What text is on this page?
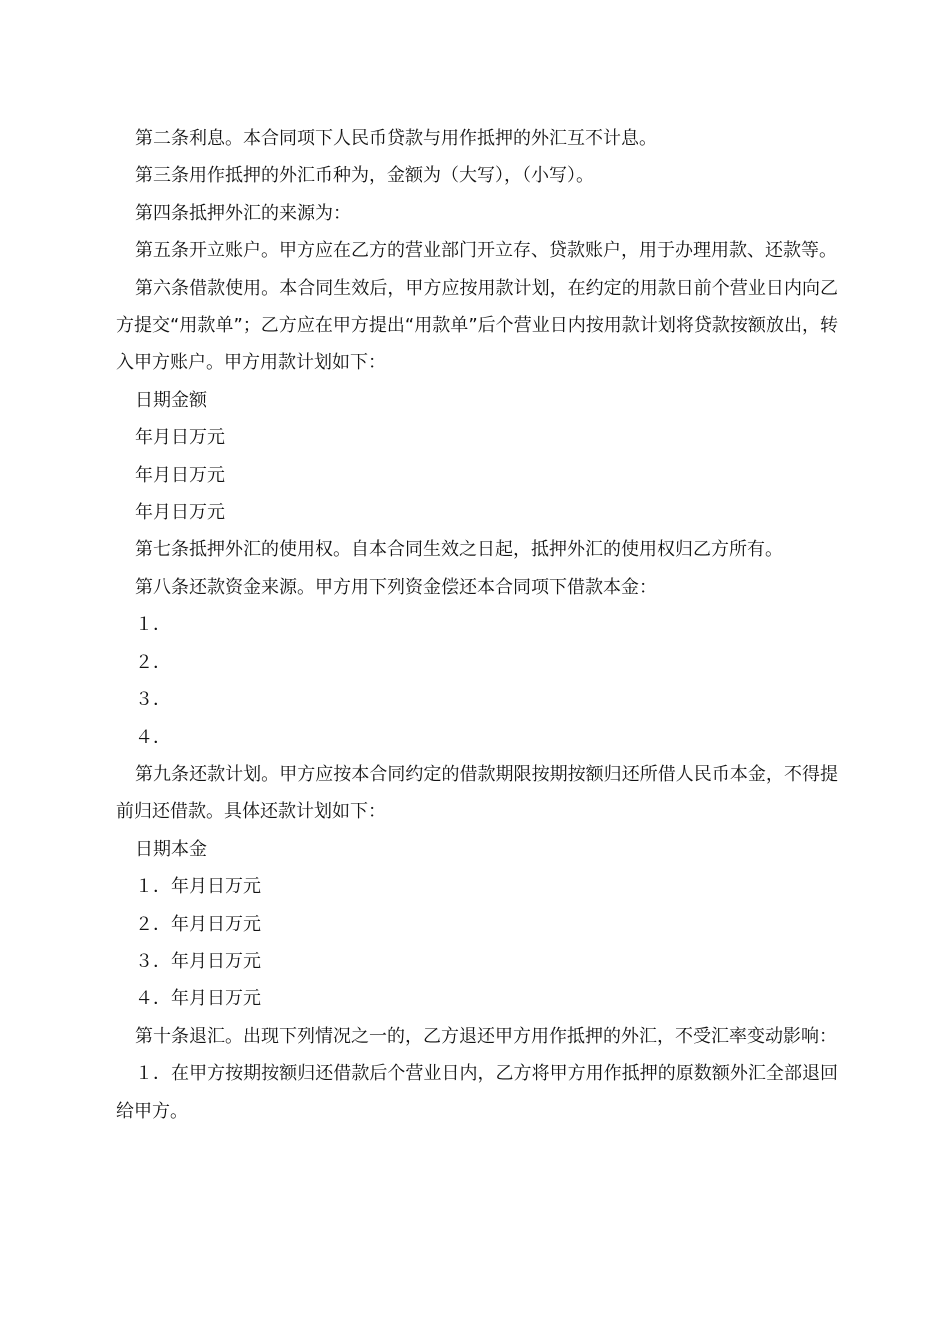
第二条利息。本合同项下人民币贷款与用作抵押的外汇互不计息。

第三条用作抵押的外汇币种为，金额为（大写），（小写）。

第四条抵押外汇的来源为：

第五条开立账户。甲方应在乙方的营业部门开立存、贷款账户，用于办理用款、还款等。

第六条借款使用。本合同生效后，甲方应按用款计划，在约定的用款日前个营业日内向乙方提交“用款单”；乙方应在甲方提出“用款单”后个营业日内按用款计划将贷款按额放出，转入甲方账户。甲方用款计划如下：

日期金额

年月日万元

年月日万元

年月日万元

第七条抵押外汇的使用权。自本合同生效之日起，抵押外汇的使用权归乙方所有。

第八条还款资金来源。甲方用下列资金偿还本合同项下借款本金：

１．

２．

３．

４．

第九条还款计划。甲方应按本合同约定的借款期限按期按额归还所借人民币本金，不得提前归还借款。具体还款计划如下：

日期本金

１．年月日万元

２．年月日万元

３．年月日万元

４．年月日万元

第十条退汇。出现下列情况之一的，乙方退还甲方用作抵押的外汇，不受汇率变动影响：

１．在甲方按期按额归还借款后个营业日内，乙方将甲方用作抵押的原数额外汇全部退回给甲方。
